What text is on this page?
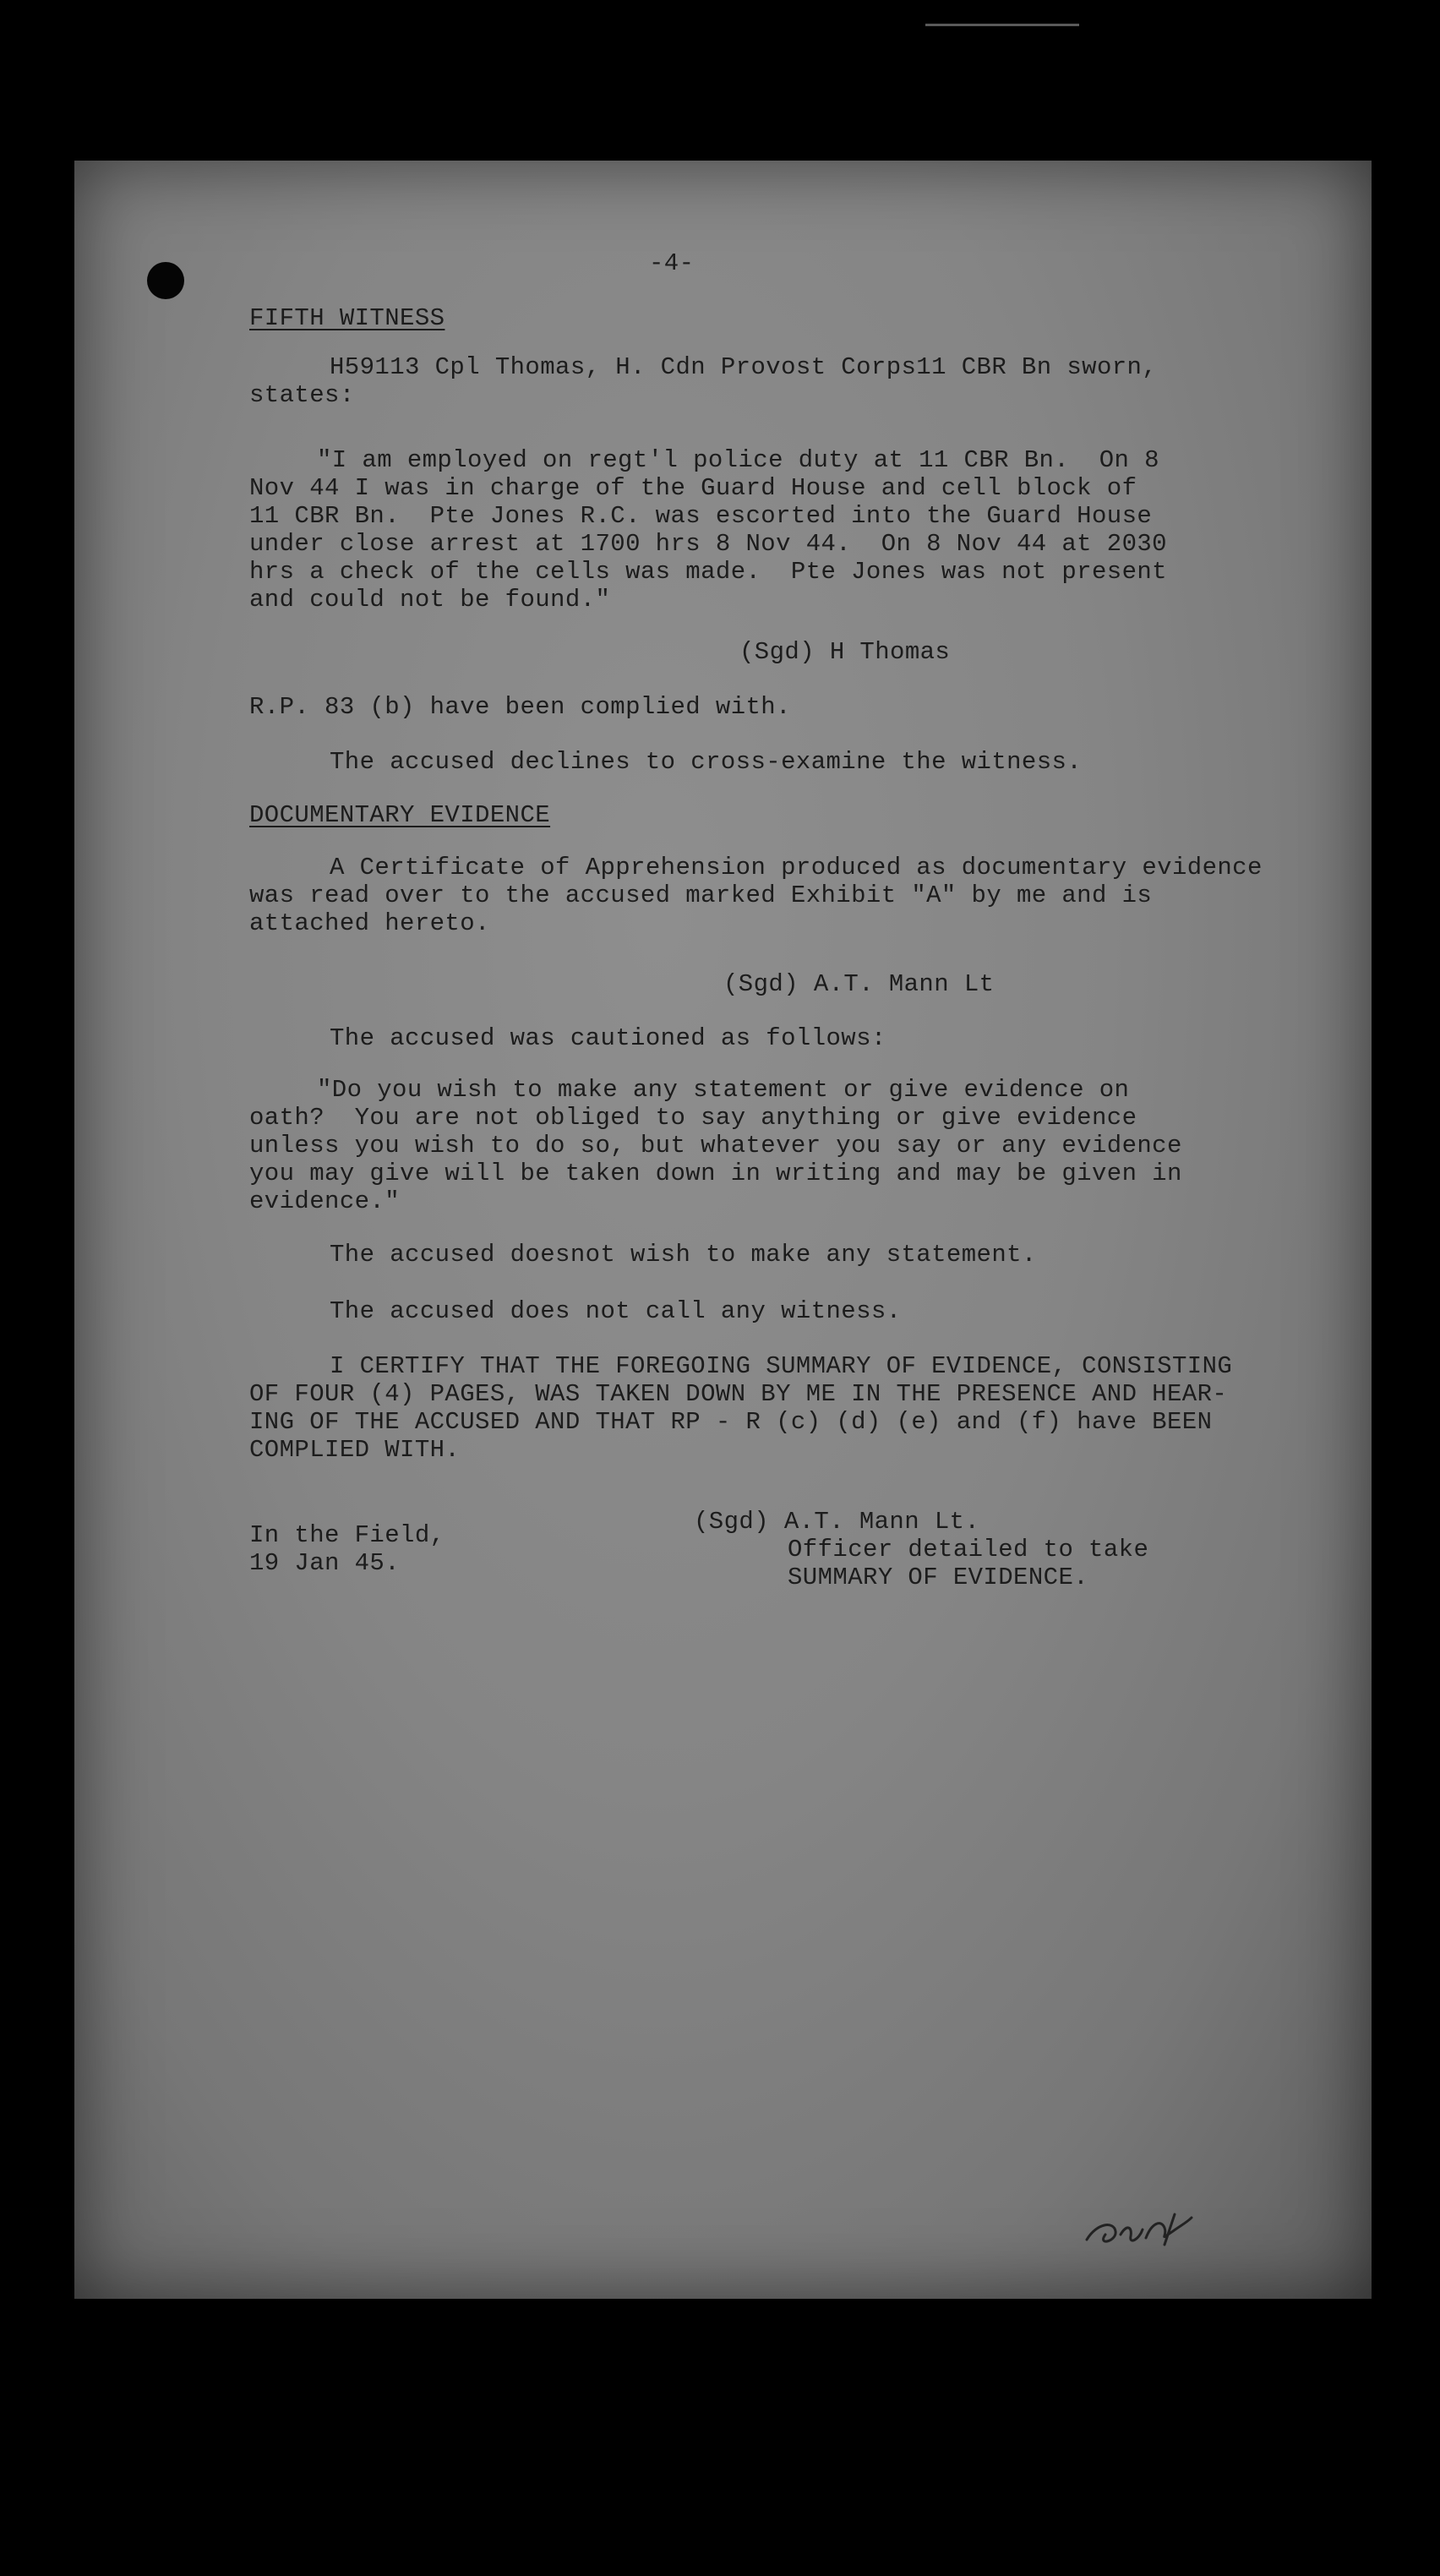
-4-
FIFTH WITNESS
H59113 Cpl Thomas, H. Cdn Provost Corps11 CBR Bn sworn,
states:
"I am employed on regt'l police duty at 11 CBR Bn.  On 8
Nov 44 I was in charge of the Guard House and cell block of
11 CBR Bn.  Pte Jones R.C. was escorted into the Guard House
under close arrest at 1700 hrs 8 Nov 44.  On 8 Nov 44 at 2030
hrs a check of the cells was made.  Pte Jones was not present
and could not be found."
(Sgd) H Thomas
R.P. 83 (b) have been complied with.
The accused declines to cross-examine the witness.
DOCUMENTARY EVIDENCE
A Certificate of Apprehension produced as documentary evidence
was read over to the accused marked Exhibit "A" by me and is
attached hereto.
(Sgd) A.T. Mann Lt
The accused was cautioned as follows:
"Do you wish to make any statement or give evidence on
oath?  You are not obliged to say anything or give evidence
unless you wish to do so, but whatever you say or any evidence
you may give will be taken down in writing and may be given in
evidence."
The accused doesnot wish to make any statement.
The accused does not call any witness.
I CERTIFY THAT THE FOREGOING SUMMARY OF EVIDENCE, CONSISTING
OF FOUR (4) PAGES, WAS TAKEN DOWN BY ME IN THE PRESENCE AND HEAR-
ING OF THE ACCUSED AND THAT RP - R (c) (d) (e) and (f) have BEEN
COMPLIED WITH.
In the Field,
19 Jan 45.
(Sgd) A.T. Mann Lt.
Officer detailed to take
SUMMARY OF EVIDENCE.
